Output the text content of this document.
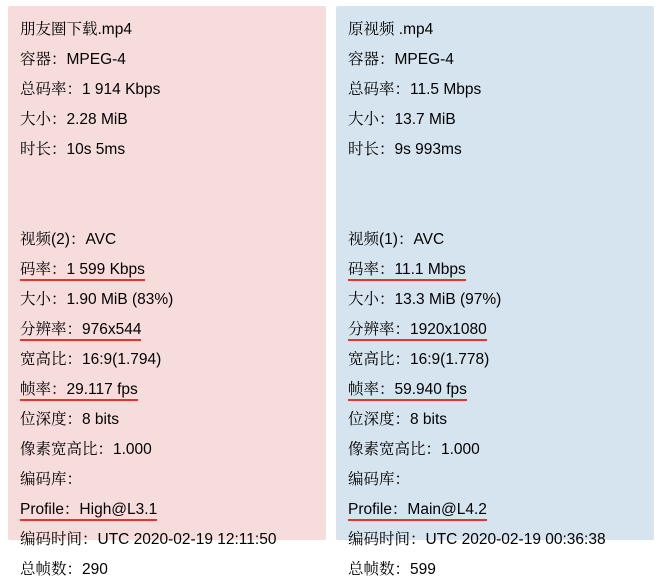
朋友圈下载.mp4
容器：MPEG-4
总码率：1 914 Kbps
大小：2.28 MiB
时长：10s 5ms
视频(2)：AVC
码率：1 599 Kbps
大小：1.90 MiB (83%)
分辨率：976x544
宽高比：16:9(1.794)
帧率：29.117 fps
位深度：8 bits
像素宽高比：1.000
编码库：
Profile：High@L3.1
编码时间：UTC 2020-02-19 12:11:50
总帧数：290
原视频 .mp4
容器：MPEG-4
总码率：11.5 Mbps
大小：13.7 MiB
时长：9s 993ms
视频(1)：AVC
码率：11.1 Mbps
大小：13.3 MiB (97%)
分辨率：1920x1080
宽高比：16:9(1.778)
帧率：59.940 fps
位深度：8 bits
像素宽高比：1.000
编码库：
Profile：Main@L4.2
编码时间：UTC 2020-02-19 00:36:38
总帧数：599
